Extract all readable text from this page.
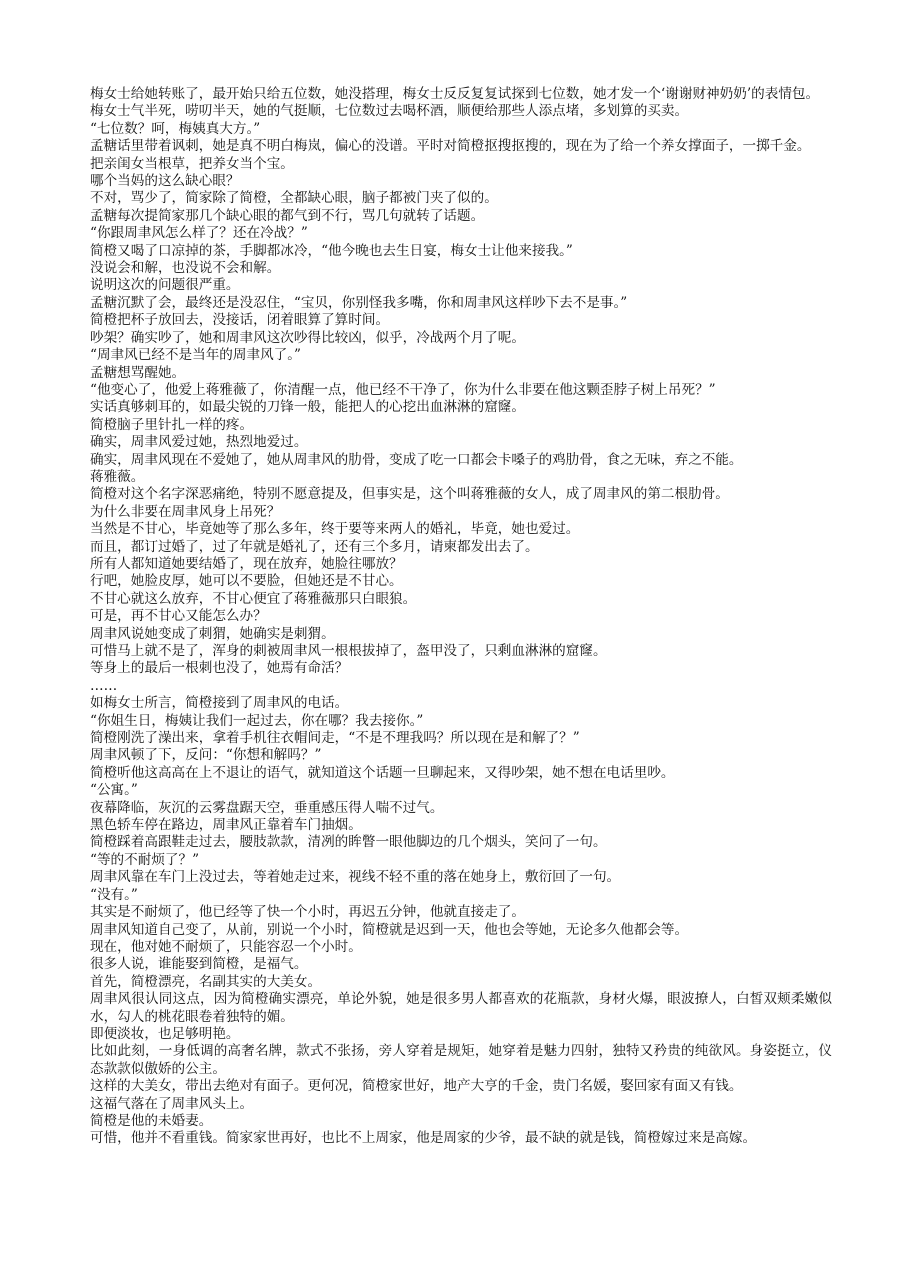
梅女士给她转账了，最开始只给五位数，她没搭理，梅女士反反复复试探到七位数，她才发一个‘谢谢财神奶奶’的表情包。

梅女士气半死，唠叨半天，她的气挺顺，七位数过去喝杯酒，顺便给那些人添点堵，多划算的买卖。

“七位数？呵，梅姨真大方。”

孟糖话里带着讽刺，她是真不明白梅岚，偏心的没谱。平时对简橙抠搜抠搜的，现在为了给一个养女撑面子，一掷千金。

把亲闺女当根草，把养女当个宝。

哪个当妈的这么缺心眼？

不对，骂少了，简家除了简橙，全都缺心眼，脑子都被门夹了似的。

孟糖每次提简家那几个缺心眼的都气到不行，骂几句就转了话题。

“你跟周聿风怎么样了？还在冷战？”

简橙又喝了口凉掉的茶，手脚都冰冷，“他今晚也去生日宴，梅女士让他来接我。”

没说会和解，也没说不会和解。

说明这次的问题很严重。

孟糖沉默了会，最终还是没忍住，“宝贝，你别怪我多嘴，你和周聿风这样吵下去不是事。”

简橙把杯子放回去，没接话，闭着眼算了算时间。

吵架？确实吵了，她和周聿风这次吵得比较凶，似乎，冷战两个月了呢。

“周聿风已经不是当年的周聿风了。”

孟糖想骂醒她。

“他变心了，他爱上蒋雅薇了，你清醒一点，他已经不干净了，你为什么非要在他这颗歪脖子树上吊死？”

实话真够刺耳的，如最尖锐的刀锋一般，能把人的心挖出血淋淋的窟窿。

简橙脑子里针扎一样的疼。

确实，周聿风爱过她，热烈地爱过。

确实，周聿风现在不爱她了，她从周聿风的肋骨，变成了吃一口都会卡嗓子的鸡肋骨，食之无味，弃之不能。

蒋雅薇。

简橙对这个名字深恶痛绝，特别不愿意提及，但事实是，这个叫蒋雅薇的女人，成了周聿风的第二根肋骨。

为什么非要在周聿风身上吊死？

当然是不甘心，毕竟她等了那么多年，终于要等来两人的婚礼，毕竟，她也爱过。

而且，都订过婚了，过了年就是婚礼了，还有三个多月，请柬都发出去了。

所有人都知道她要结婚了，现在放弃，她脸往哪放？

行吧，她脸皮厚，她可以不要脸，但她还是不甘心。

不甘心就这么放弃，不甘心便宜了蒋雅薇那只白眼狼。

可是，再不甘心又能怎么办？

周聿风说她变成了刺猬，她确实是刺猬。

可惜马上就不是了，浑身的刺被周聿风一根根拔掉了，盔甲没了，只剩血淋淋的窟窿。

等身上的最后一根刺也没了，她焉有命活？

……

如梅女士所言，简橙接到了周聿风的电话。

“你姐生日，梅姨让我们一起过去，你在哪？我去接你。”

简橙刚洗了澡出来，拿着手机往衣帽间走，“不是不理我吗？所以现在是和解了？”

周聿风顿了下，反问：“你想和解吗？”

简橙听他这高高在上不退让的语气，就知道这个话题一旦聊起来，又得吵架，她不想在电话里吵。

“公寓。”

夜幕降临，灰沉的云雾盘踞天空，垂重感压得人喘不过气。

黑色轿车停在路边，周聿风正靠着车门抽烟。

简橙踩着高跟鞋走过去，腰肢款款，清冽的眸瞥一眼他脚边的几个烟头，笑问了一句。

“等的不耐烦了？”

周聿风靠在车门上没过去，等着她走过来，视线不轻不重的落在她身上，敷衍回了一句。

“没有。”

其实是不耐烦了，他已经等了快一个小时，再迟五分钟，他就直接走了。

周聿风知道自己变了，从前，别说一个小时，简橙就是迟到一天，他也会等她，无论多久他都会等。

现在，他对她不耐烦了，只能容忍一个小时。

很多人说，谁能娶到简橙，是福气。

首先，简橙漂亮，名副其实的大美女。

周聿风很认同这点，因为简橙确实漂亮，单论外貌，她是很多男人都喜欢的花瓶款，身材火爆，眼波撩人，白皙双颊柔嫩似水，勾人的桃花眼卷着独特的媚。

即便淡妆，也足够明艳。

比如此刻，一身低调的高奢名牌，款式不张扬，旁人穿着是规矩，她穿着是魅力四射，独特又矜贵的纯欲风。身姿挺立，仪态款款似傲娇的公主。

这样的大美女，带出去绝对有面子。更何况，简橙家世好，地产大亨的千金，贵门名媛，娶回家有面又有钱。

这福气落在了周聿风头上。

简橙是他的未婚妻。

可惜，他并不看重钱。简家家世再好，也比不上周家，他是周家的少爷，最不缺的就是钱，简橙嫁过来是高嫁。
